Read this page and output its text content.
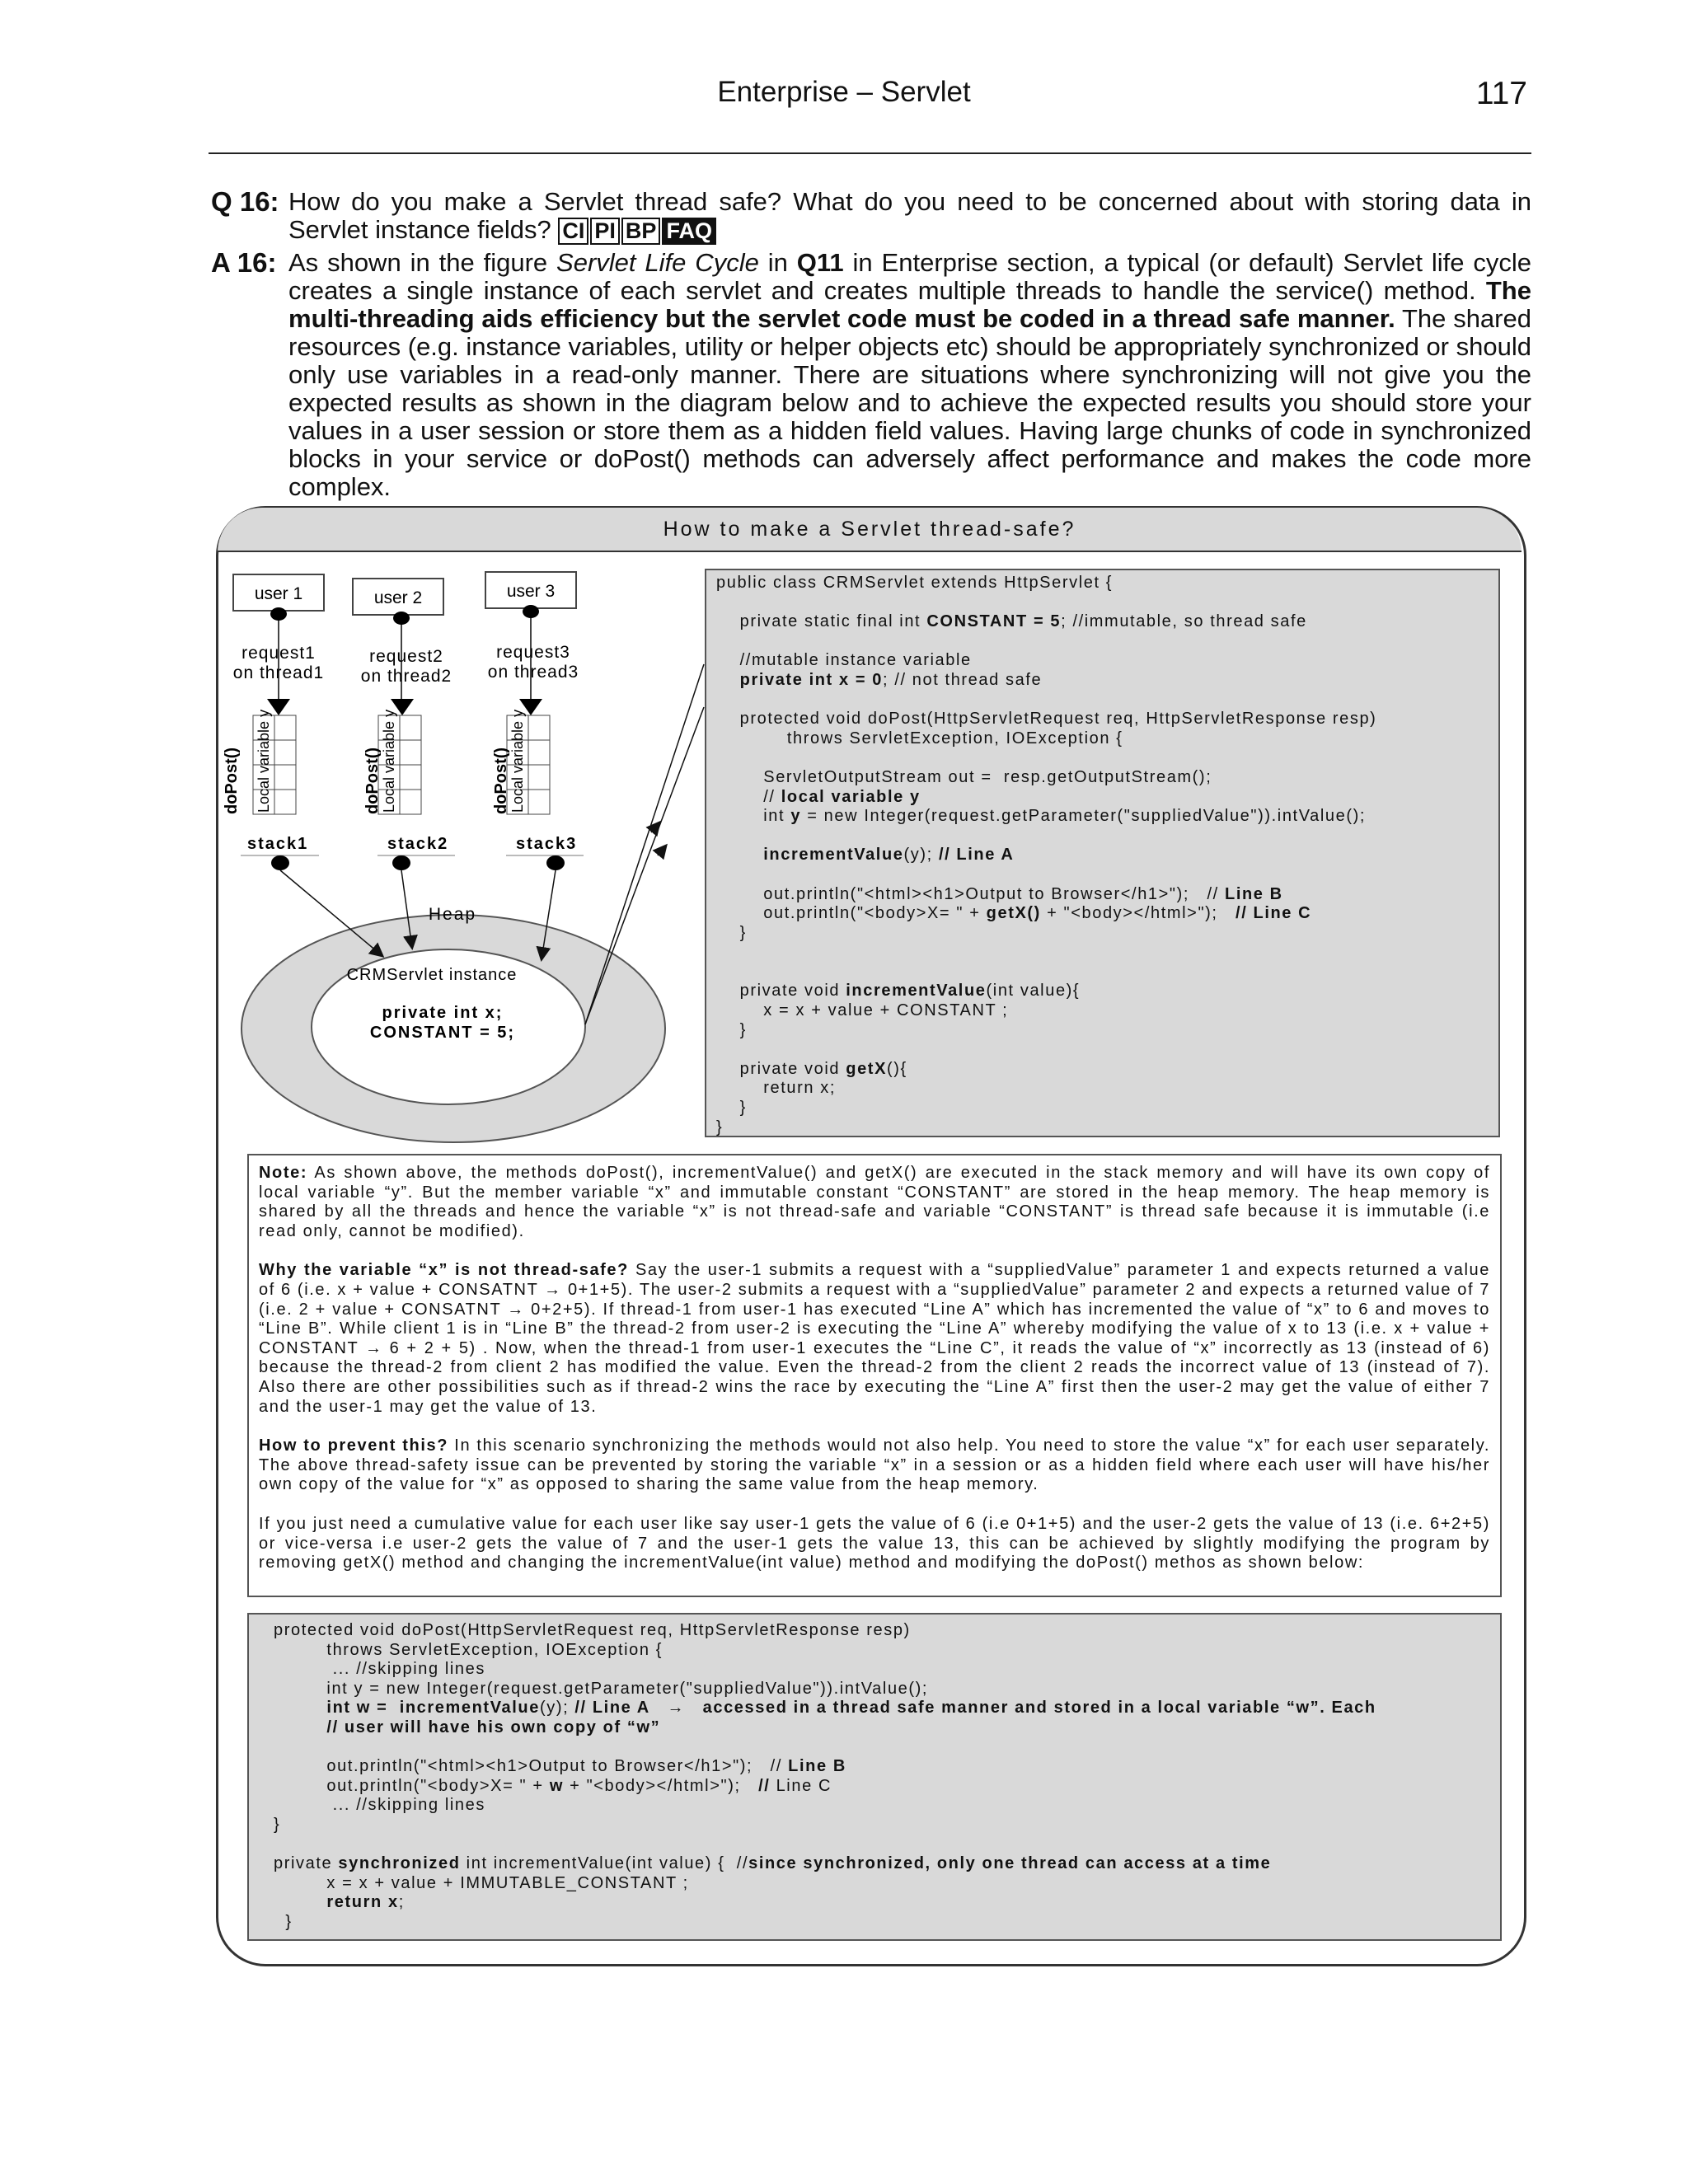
Enterprise – Servlet	117
Q 16: How do you make a Servlet thread safe? What do you need to be concerned about with storing data in Servlet instance fields? CI PI BP FAQ
A 16: As shown in the figure Servlet Life Cycle in Q11 in Enterprise section, a typical (or default) Servlet life cycle creates a single instance of each servlet and creates multiple threads to handle the service() method. The multi-threading aids efficiency but the servlet code must be coded in a thread safe manner. The shared resources (e.g. instance variables, utility or helper objects etc) should be appropriately synchronized or should only use variables in a read-only manner. There are situations where synchronizing will not give you the expected results as shown in the diagram below and to achieve the expected results you should store your values in a user session or store them as a hidden field values. Having large chunks of code in synchronized blocks in your service or doPost() methods can adversely affect performance and makes the code more complex.
How to make a Servlet thread-safe?
user 1	user 2	user 3
request1
on thread1
request2
on thread2
request3
on thread3
doPost() Local variable y	doPost() Local variable y	doPost() Local variable y
stack1	stack2	stack3
Heap
CRMServlet instance
private int x;
CONSTANT = 5;
public class CRMServlet extends HttpServlet {

private static final int CONSTANT = 5; //immutable, so thread safe

//mutable instance variable
private int x = 0; // not thread safe

protected void doPost(HttpServletRequest req, HttpServletResponse resp)
throws ServletException, IOException {

ServletOutputStream out =  resp.getOutputStream();
// local variable y
int y = new Integer(request.getParameter("suppliedValue")).intValue();

incrementValue(y); // Line A

out.println("<html><h1>Output to Browser</h1>");   // Line B
out.println("<body>X= " + getX() + "<body></html>");   // Line C
}

private void incrementValue(int value){
x = x + value + CONSTANT ;
}

private void getX(){
return x;
}
}

Note: As shown above, the methods doPost(), incrementValue() and getX() are executed in the stack memory and will have its own copy of local variable “y”. But the member variable “x” and immutable constant “CONSTANT” are stored in the heap memory. The heap memory is shared by all the threads and hence the variable “x” is not thread-safe and variable “CONSTANT” is thread safe because it is immutable (i.e read only, cannot be modified).

Why the variable “x” is not thread-safe? Say the user-1 submits a request with a “suppliedValue” parameter 1 and expects returned a value of 6 (i.e. x + value + CONSATNT → 0+1+5). The user-2 submits a request with a “suppliedValue” parameter 2 and expects a returned value of 7 (i.e. 2 + value + CONSATNT → 0+2+5). If thread-1 from user-1 has executed “Line A” which has incremented the value of “x” to 6 and moves to “Line B”. While client 1 is in “Line B” the thread-2 from user-2 is executing the “Line A” whereby modifying the value of x to 13 (i.e. x + value + CONSTANT → 6 + 2 + 5) . Now, when the thread-1 from user-1 executes the “Line C”, it reads the value of “x” incorrectly as 13 (instead of 6) because the thread-2 from client 2 has modified the value. Even the thread-2 from the client 2 reads the incorrect value of 13 (instead of 7). Also there are other possibilities such as if thread-2 wins the race by executing the “Line A” first then the user-2 may get the value of either 7 and the user-1 may get the value of 13.

How to prevent this? In this scenario synchronizing the methods would not also help. You need to store the value “x” for each user separately. The above thread-safety issue can be prevented by storing the variable “x” in a session or as a hidden field where each user will have his/her own copy of the value for “x” as opposed to sharing the same value from the heap memory.

If you just need a cumulative value for each user like say user-1 gets the value of 6 (i.e 0+1+5) and the user-2 gets the value of 13 (i.e. 6+2+5) or vice-versa i.e user-2 gets the value of 7 and the user-1 gets the value 13, this can be achieved by slightly modifying the program by removing getX() method and changing the incrementValue(int value) method and modifying the doPost() methos as shown below:

protected void doPost(HttpServletRequest req, HttpServletResponse resp)
throws ServletException, IOException {
... //skipping lines
int y = new Integer(request.getParameter("suppliedValue")).intValue();
int w =  incrementValue(y); // Line A   →   accessed in a thread safe manner and stored in a local variable “w”. Each
// user will have his own copy of “w”

out.println("<html><h1>Output to Browser</h1>");   // Line B
out.println("<body>X= " + w + "<body></html>");   // Line C
... //skipping lines
}

private synchronized int incrementValue(int value) {  //since synchronized, only one thread can access at a time
x = x + value + IMMUTABLE_CONSTANT ;
return x;
}
